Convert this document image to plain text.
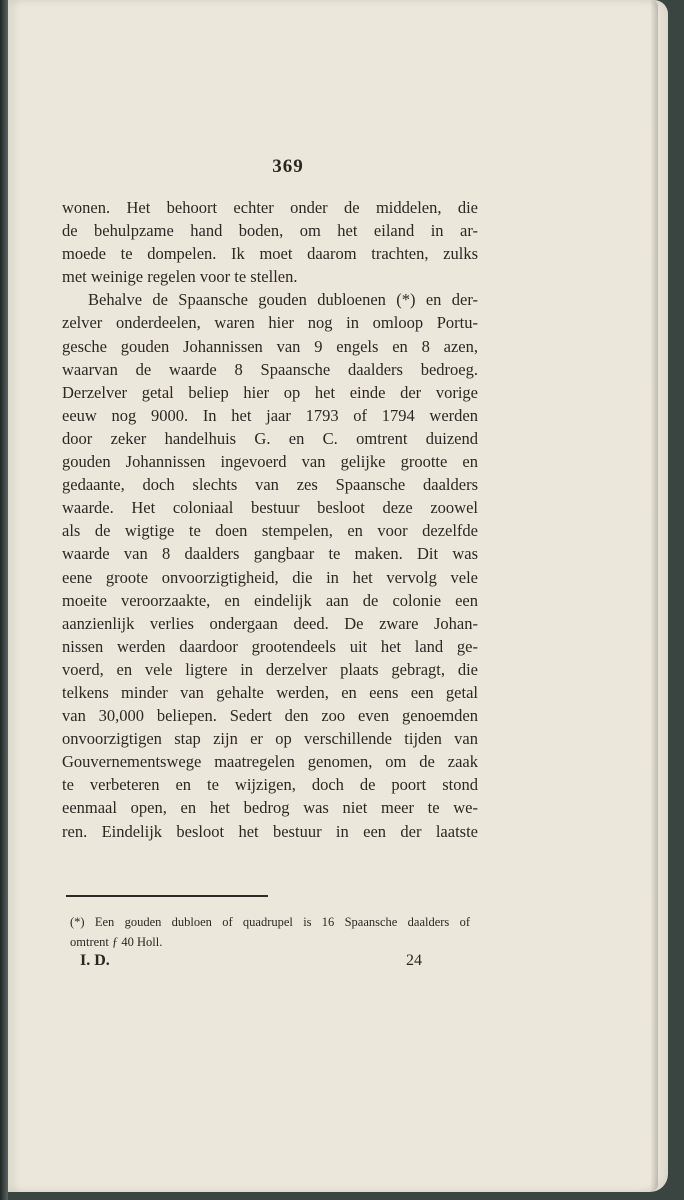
369
wonen. Het behoort echter onder de middelen, die
de behulpzame hand boden, om het eiland in ar-
moede te dompelen. Ik moet daarom trachten, zulks
met weinige regelen voor te stellen.
Behalve de Spaansche gouden dubloenen (*) en der-
zelver onderdeelen, waren hier nog in omloop Portu-
gesche gouden Johannissen van 9 engels en 8 azen,
waarvan de waarde 8 Spaansche daalders bedroeg.
Derzelver getal beliep hier op het einde der vorige
eeuw nog 9000. In het jaar 1793 of 1794 werden
door zeker handelhuis G. en C. omtrent duizend
gouden Johannissen ingevoerd van gelijke grootte en
gedaante, doch slechts van zes Spaansche daalders
waarde. Het coloniaal bestuur besloot deze zoowel
als de wigtige te doen stempelen, en voor dezelfde
waarde van 8 daalders gangbaar te maken. Dit was
eene groote onvoorzigtigheid, die in het vervolg vele
moeite veroorzaakte, en eindelijk aan de colonie een
aanzienlijk verlies ondergaan deed. De zware Johan-
nissen werden daardoor grootendeels uit het land ge-
voerd, en vele ligtere in derzelver plaats gebragt, die
telkens minder van gehalte werden, en eens een getal
van 30,000 beliepen. Sedert den zoo even genoemden
onvoorzigtigen stap zijn er op verschillende tijden van
Gouvernementswege maatregelen genomen, om de zaak
te verbeteren en te wijzigen, doch de poort stond
eenmaal open, en het bedrog was niet meer te we-
ren. Eindelijk besloot het bestuur in een der laatste
(*) Een gouden dubloen of quadrupel is 16 Spaansche daalders of
omtrent ƒ 40 Holl.
I. D.	24
